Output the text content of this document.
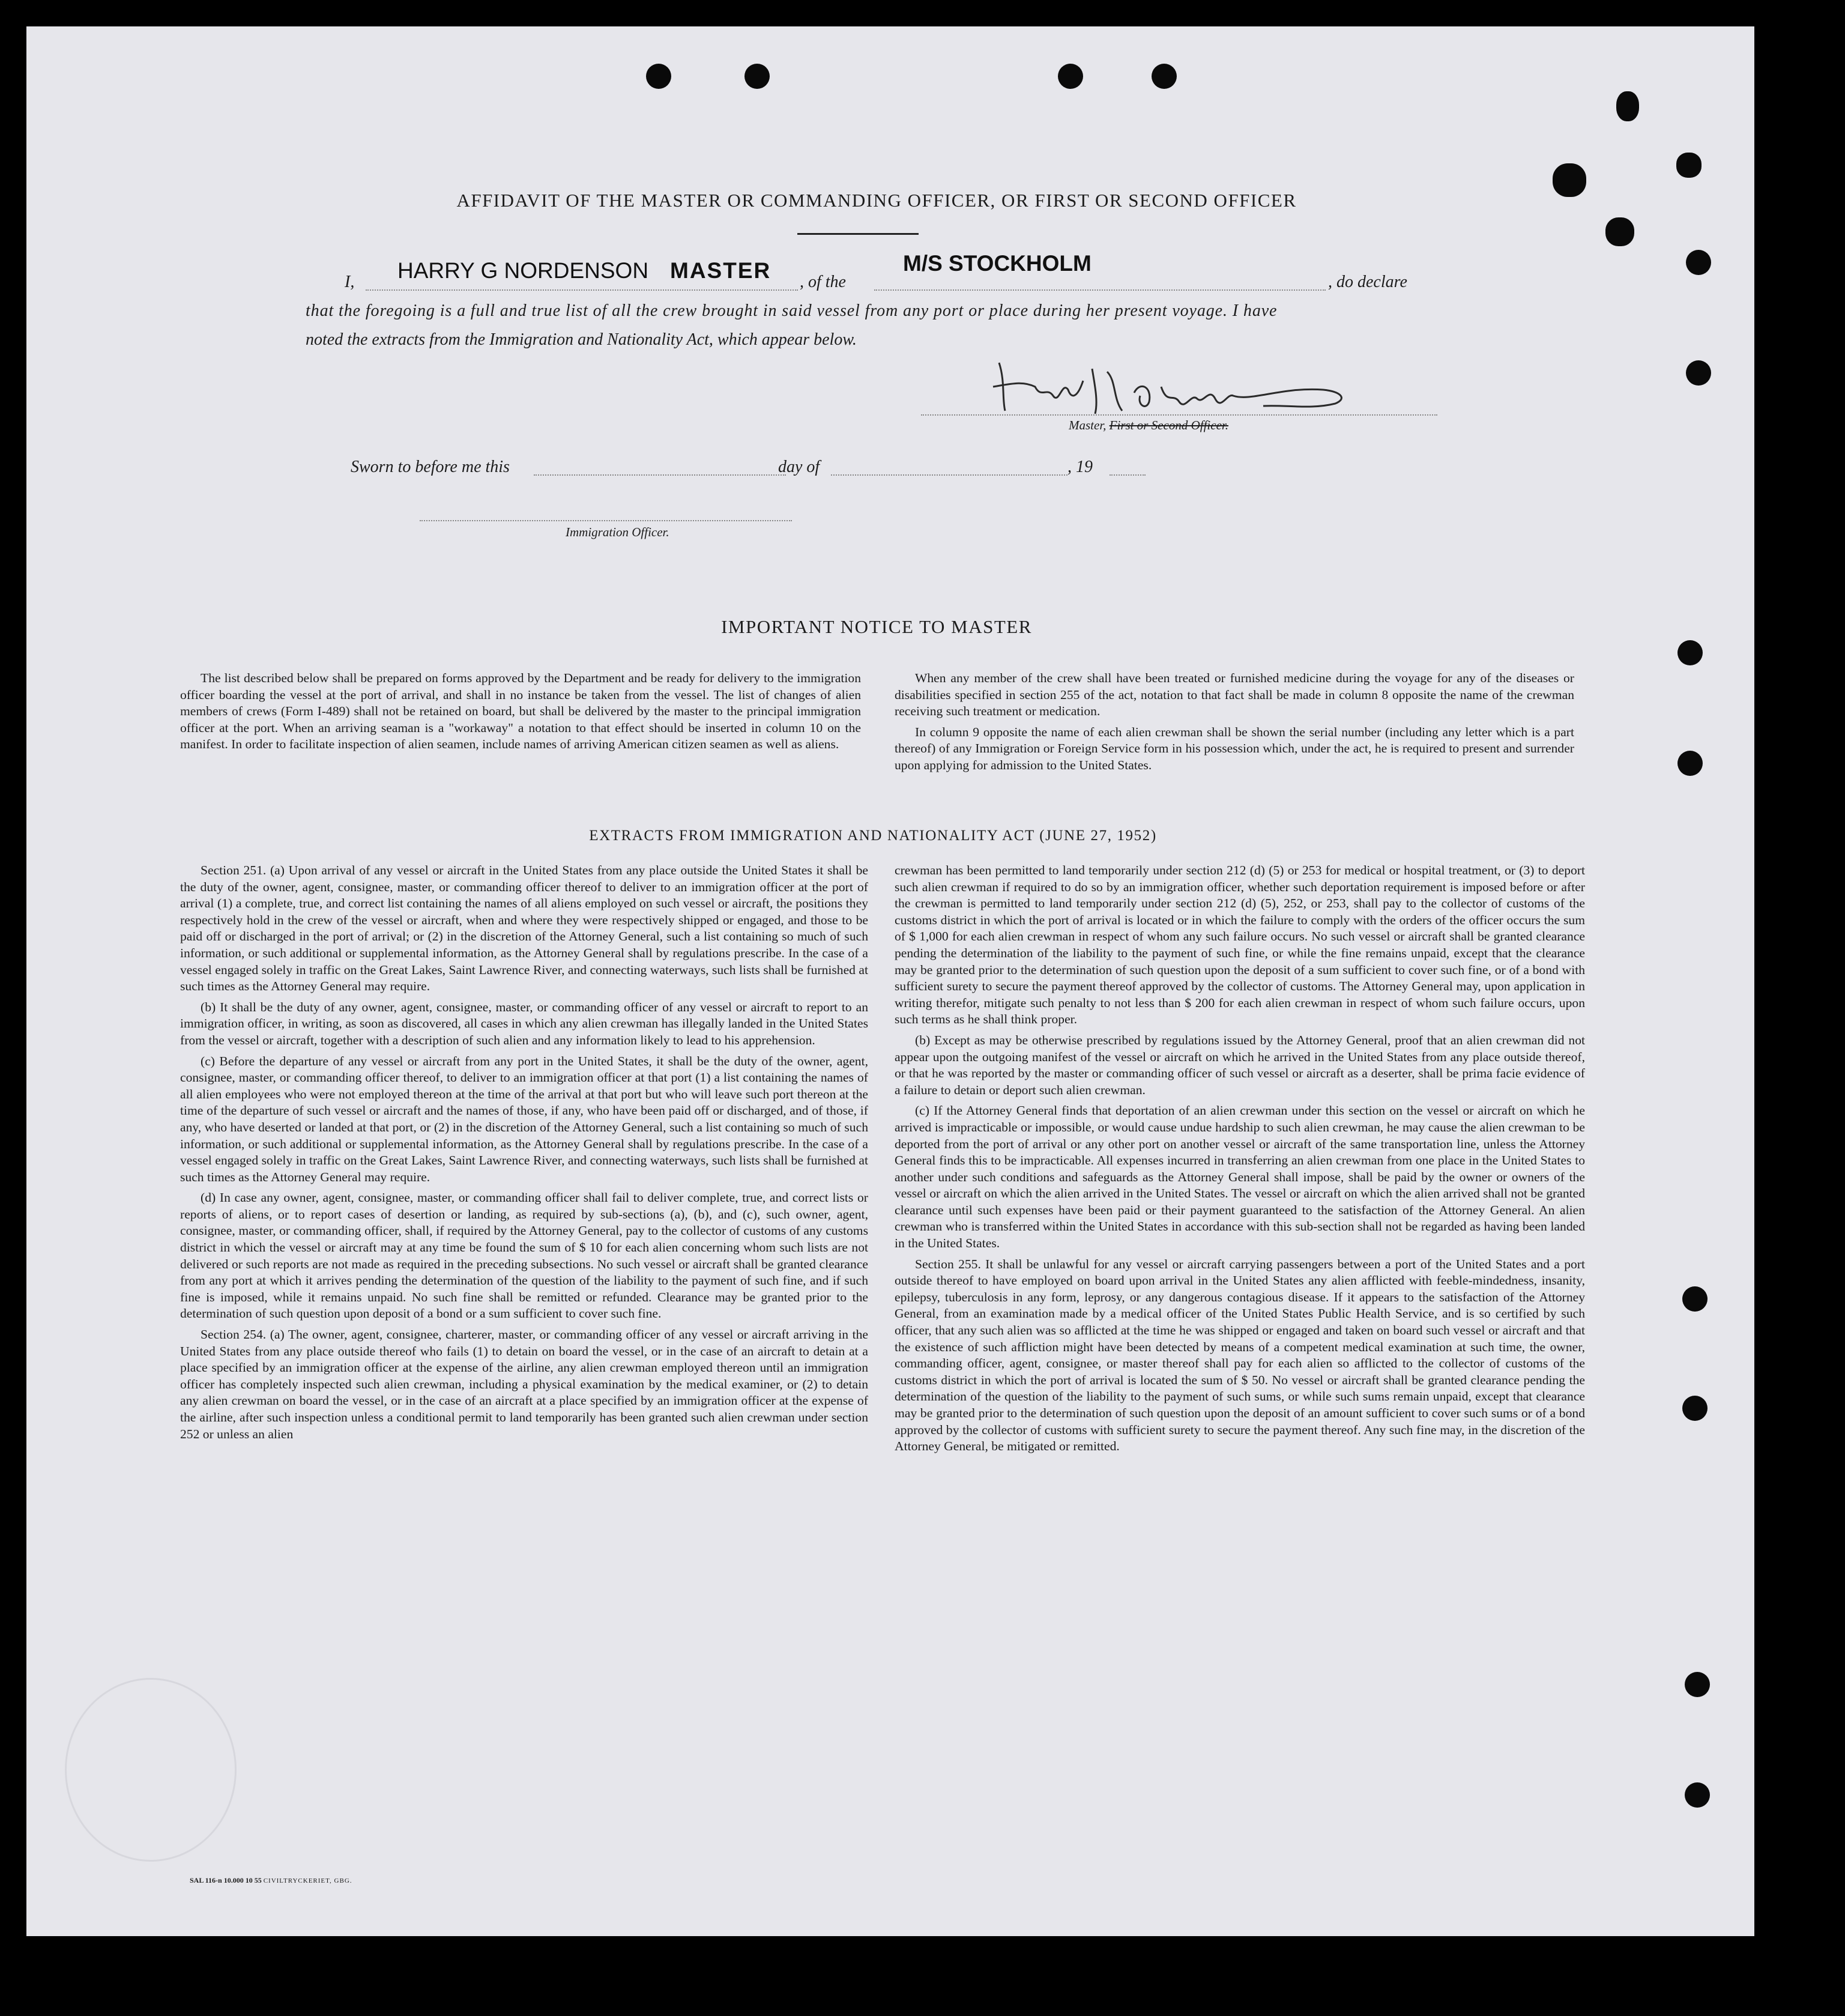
AFFIDAVIT OF THE MASTER OR COMMANDING OFFICER, OR FIRST OR SECOND OFFICER
I, HARRY G NORDENSON MASTER , of the
M/S STOCKHOLM
, do declare
that the foregoing is a full and true list of all the crew brought in said vessel from any port or place during her present voyage. I have
noted the extracts from the Immigration and Nationality Act, which appear below.
Master, First or Second Officer.
Sworn to before me this	day of	, 19
Immigration Officer.
IMPORTANT NOTICE TO MASTER

The list described below shall be prepared on forms approved by the Department and be ready for delivery to the immigration officer boarding the vessel at the port of arrival, and shall in no instance be taken from the vessel. The list of changes of alien members of crews (Form I-489) shall not be retained on board, but shall be delivered by the master to the principal immigration officer at the port. When an arriving seaman is a "workaway" a notation to that effect should be inserted in column 10 on the manifest. In order to facilitate inspection of alien seamen, include names of arriving American citizen seamen as well as aliens.

When any member of the crew shall have been treated or furnished medicine during the voyage for any of the diseases or disabilities specified in section 255 of the act, notation to that fact shall be made in column 8 opposite the name of the crewman receiving such treatment or medication.

In column 9 opposite the name of each alien crewman shall be shown the serial number (including any letter which is a part thereof) of any Immigration or Foreign Service form in his possession which, under the act, he is required to present and surrender upon applying for admission to the United States.

EXTRACTS FROM IMMIGRATION AND NATIONALITY ACT (JUNE 27, 1952)

Section 251. (a) Upon arrival of any vessel or aircraft in the United States from any place outside the United States it shall be the duty of the owner, agent, consignee, master, or commanding officer thereof to deliver to an immigration officer at the port of arrival (1) a complete, true, and correct list containing the names of all aliens employed on such vessel or aircraft, the positions they respectively hold in the crew of the vessel or aircraft, when and where they were respectively shipped or engaged, and those to be paid off or discharged in the port of arrival; or (2) in the discretion of the Attorney General, such a list containing so much of such information, or such additional or supplemental information, as the Attorney General shall by regulations prescribe. In the case of a vessel engaged solely in traffic on the Great Lakes, Saint Lawrence River, and connecting waterways, such lists shall be furnished at such times as the Attorney General may require.

(b) It shall be the duty of any owner, agent, consignee, master, or commanding officer of any vessel or aircraft to report to an immigration officer, in writing, as soon as discovered, all cases in which any alien crewman has illegally landed in the United States from the vessel or aircraft, together with a description of such alien and any information likely to lead to his apprehension.

(c) Before the departure of any vessel or aircraft from any port in the United States, it shall be the duty of the owner, agent, consignee, master, or commanding officer thereof, to deliver to an immigration officer at that port (1) a list containing the names of all alien employees who were not employed thereon at the time of the arrival at that port but who will leave such port thereon at the time of the departure of such vessel or aircraft and the names of those, if any, who have been paid off or discharged, and of those, if any, who have deserted or landed at that port, or (2) in the discretion of the Attorney General, such a list containing so much of such information, or such additional or supplemental information, as the Attorney General shall by regulations prescribe. In the case of a vessel engaged solely in traffic on the Great Lakes, Saint Lawrence River, and connecting waterways, such lists shall be furnished at such times as the Attorney General may require.

(d) In case any owner, agent, consignee, master, or commanding officer shall fail to deliver complete, true, and correct lists or reports of aliens, or to report cases of desertion or landing, as required by sub-sections (a), (b), and (c), such owner, agent, consignee, master, or commanding officer, shall, if required by the Attorney General, pay to the collector of customs of any customs district in which the vessel or aircraft may at any time be found the sum of $ 10 for each alien concerning whom such lists are not delivered or such reports are not made as required in the preceding subsections. No such vessel or aircraft shall be granted clearance from any port at which it arrives pending the determination of the question of the liability to the payment of such fine, and if such fine is imposed, while it remains unpaid. No such fine shall be remitted or refunded. Clearance may be granted prior to the determination of such question upon deposit of a bond or a sum sufficient to cover such fine.

Section 254. (a) The owner, agent, consignee, charterer, master, or commanding officer of any vessel or aircraft arriving in the United States from any place outside thereof who fails (1) to detain on board the vessel, or in the case of an aircraft to detain at a place specified by an immigration officer at the expense of the airline, any alien crewman employed thereon until an immigration officer has completely inspected such alien crewman, including a physical examination by the medical examiner, or (2) to detain any alien crewman on board the vessel, or in the case of an aircraft at a place specified by an immigration officer at the expense of the airline, after such inspection unless a conditional permit to land temporarily has been granted such alien crewman under section 252 or unless an alien

crewman has been permitted to land temporarily under section 212 (d) (5) or 253 for medical or hospital treatment, or (3) to deport such alien crewman if required to do so by an immigration officer, whether such deportation requirement is imposed before or after the crewman is permitted to land temporarily under section 212 (d) (5), 252, or 253, shall pay to the collector of customs of the customs district in which the port of arrival is located or in which the failure to comply with the orders of the officer occurs the sum of $ 1,000 for each alien crewman in respect of whom any such failure occurs. No such vessel or aircraft shall be granted clearance pending the determination of the liability to the payment of such fine, or while the fine remains unpaid, except that the clearance may be granted prior to the determination of such question upon the deposit of a sum sufficient to cover such fine, or of a bond with sufficient surety to secure the payment thereof approved by the collector of customs. The Attorney General may, upon application in writing therefor, mitigate such penalty to not less than $ 200 for each alien crewman in respect of whom such failure occurs, upon such terms as he shall think proper.

(b) Except as may be otherwise prescribed by regulations issued by the Attorney General, proof that an alien crewman did not appear upon the outgoing manifest of the vessel or aircraft on which he arrived in the United States from any place outside thereof, or that he was reported by the master or commanding officer of such vessel or aircraft as a deserter, shall be prima facie evidence of a failure to detain or deport such alien crewman.

(c) If the Attorney General finds that deportation of an alien crewman under this section on the vessel or aircraft on which he arrived is impracticable or impossible, or would cause undue hardship to such alien crewman, he may cause the alien crewman to be deported from the port of arrival or any other port on another vessel or aircraft of the same transportation line, unless the Attorney General finds this to be impracticable. All expenses incurred in transferring an alien crewman from one place in the United States to another under such conditions and safeguards as the Attorney General shall impose, shall be paid by the owner or owners of the vessel or aircraft on which the alien arrived in the United States. The vessel or aircraft on which the alien arrived shall not be granted clearance until such expenses have been paid or their payment guaranteed to the satisfaction of the Attorney General. An alien crewman who is transferred within the United States in accordance with this sub-section shall not be regarded as having been landed in the United States.

Section 255. It shall be unlawful for any vessel or aircraft carrying passengers between a port of the United States and a port outside thereof to have employed on board upon arrival in the United States any alien afflicted with feeble-mindedness, insanity, epilepsy, tuberculosis in any form, leprosy, or any dangerous contagious disease. If it appears to the satisfaction of the Attorney General, from an examination made by a medical officer of the United States Public Health Service, and is so certified by such officer, that any such alien was so afflicted at the time he was shipped or engaged and taken on board such vessel or aircraft and that the existence of such affliction might have been detected by means of a competent medical examination at such time, the owner, commanding officer, agent, consignee, or master thereof shall pay for each alien so afflicted to the collector of customs of the customs district in which the port of arrival is located the sum of $ 50. No vessel or aircraft shall be granted clearance pending the determination of the question of the liability to the payment of such sums, or while such sums remain unpaid, except that clearance may be granted prior to the determination of such question upon the deposit of an amount sufficient to cover such sums or of a bond approved by the collector of customs with sufficient surety to secure the payment thereof. Any such fine may, in the discretion of the Attorney General, be mitigated or remitted.

SAL 116-n 10.000 10 55 CIVILTRYCKERIET, GBG.
